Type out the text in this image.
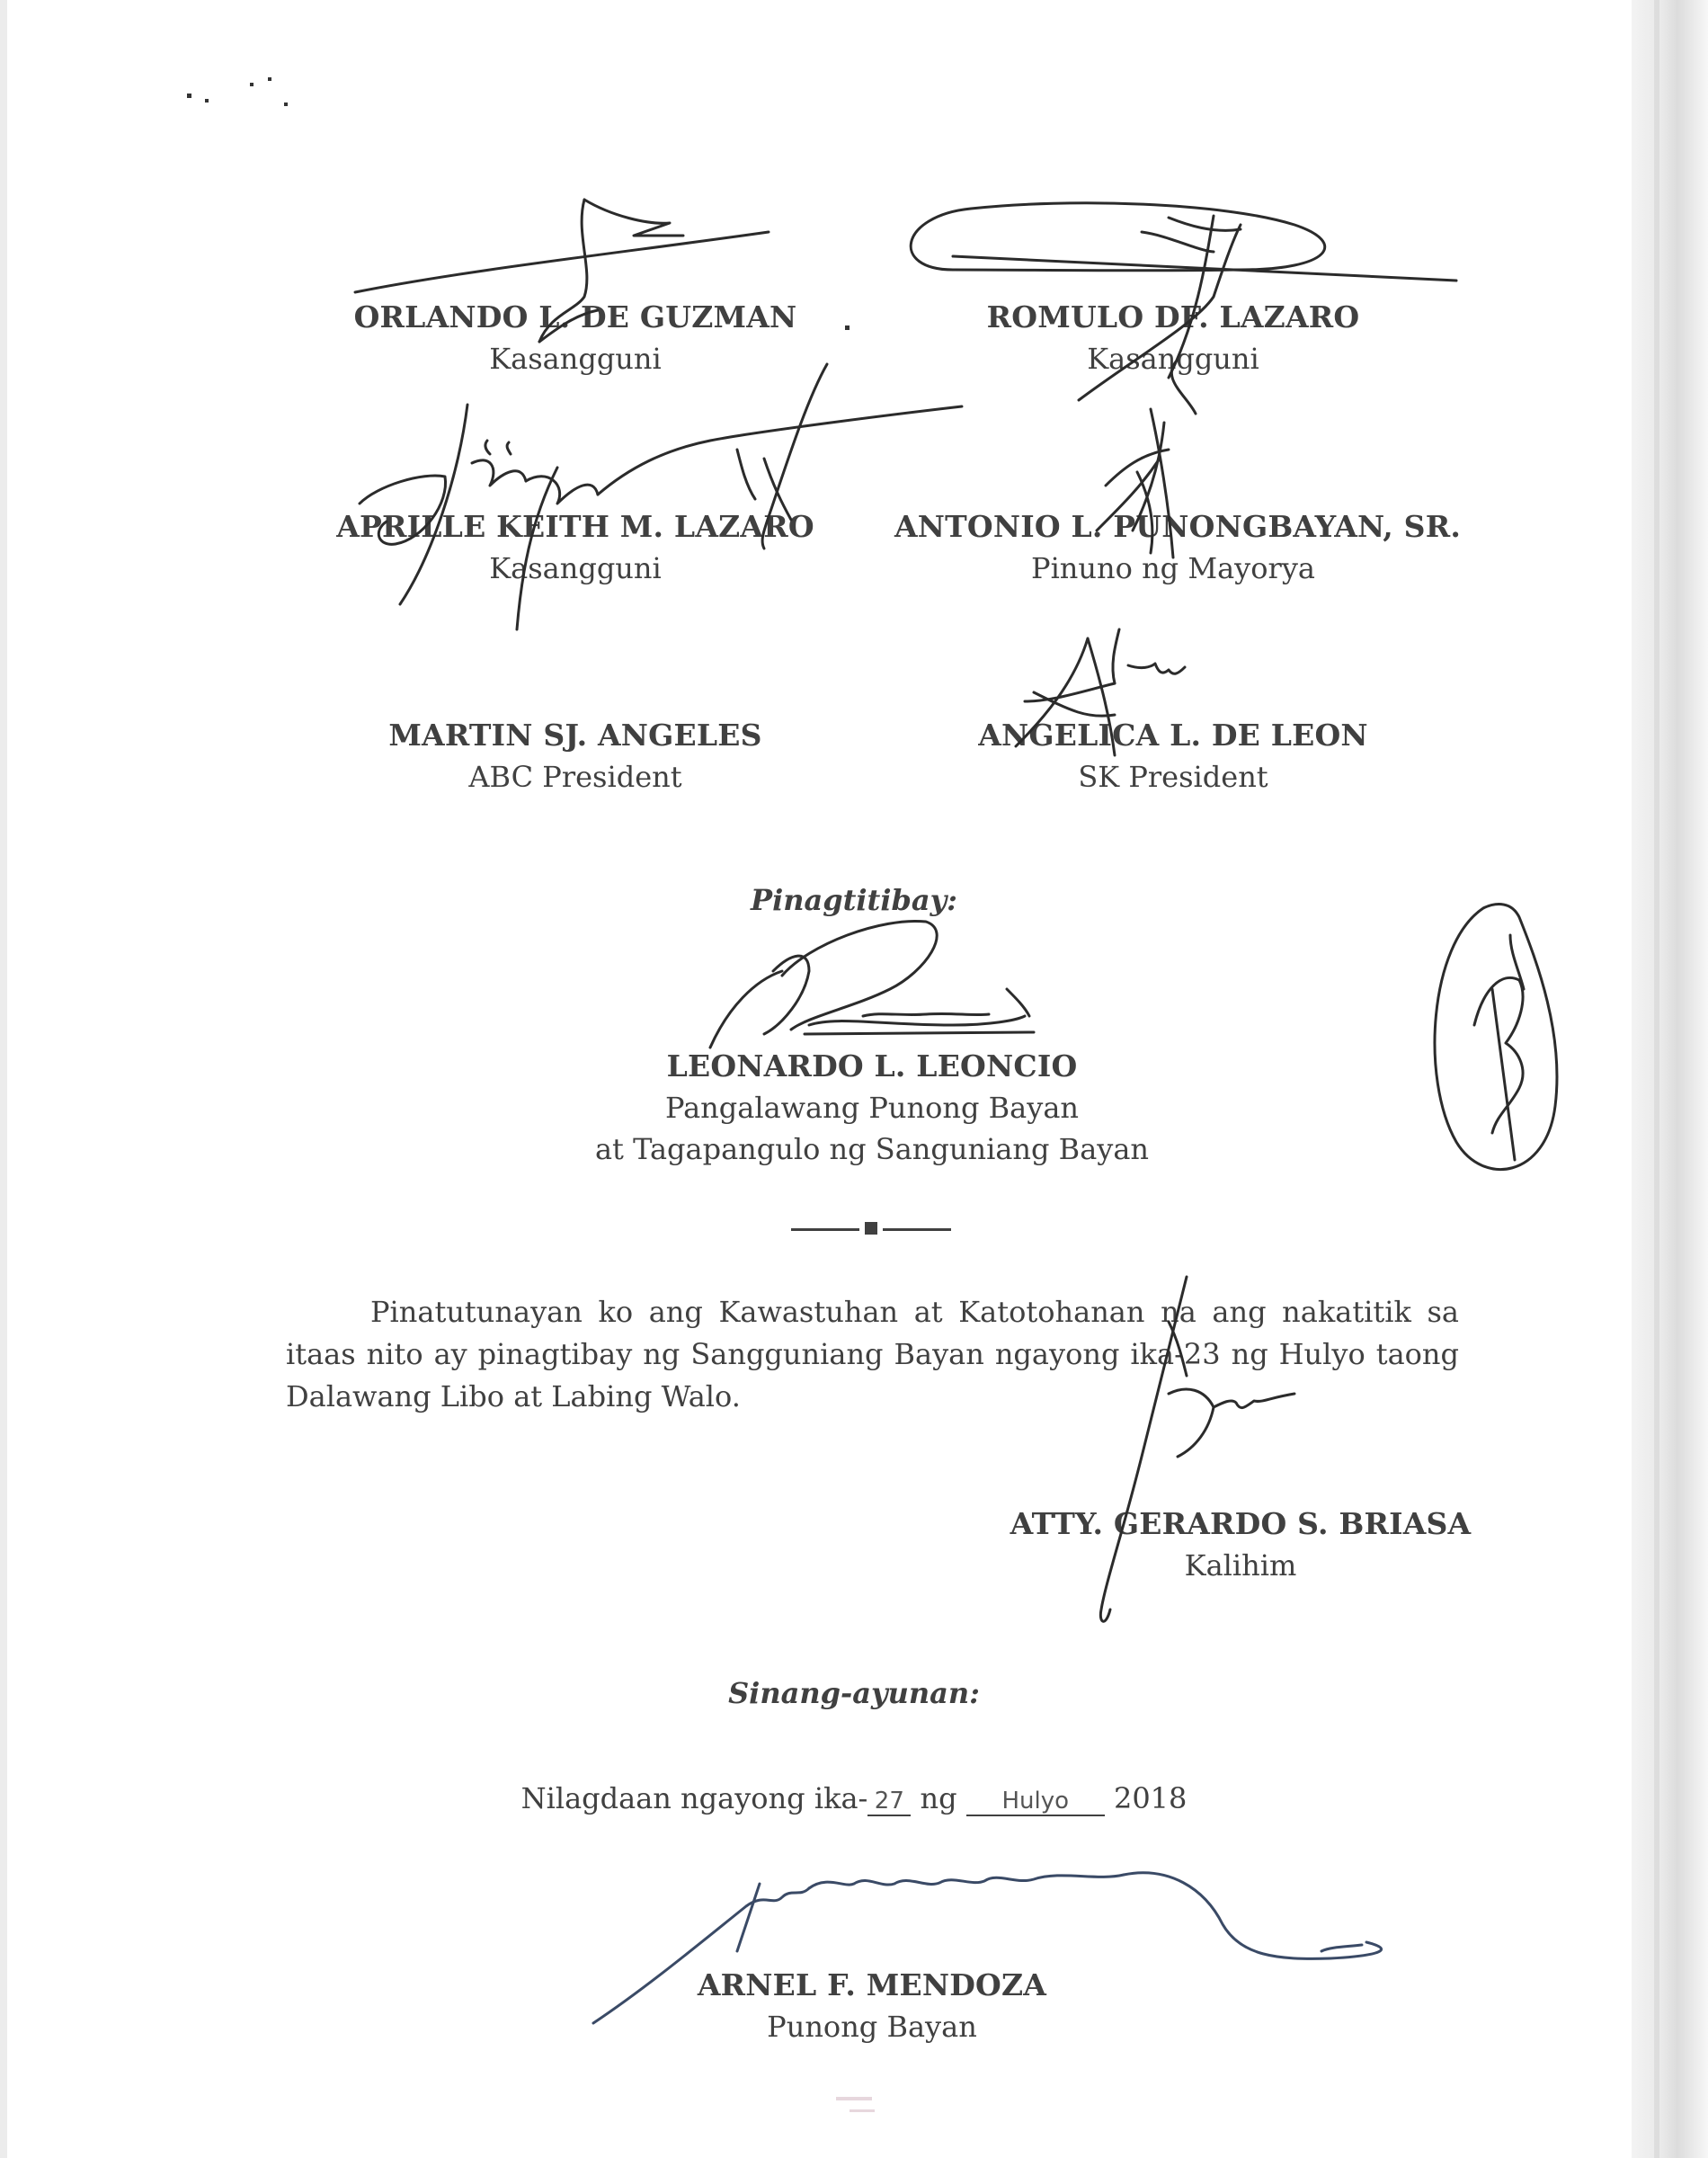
ORLANDO L. DE GUZMAN
Kasangguni
ROMULO DF. LAZARO
Kasangguni
APRILLE KEITH M. LAZARO
Kasangguni
ANTONIO L. PUNONGBAYAN, SR.
Pinuno ng Mayorya
MARTIN SJ. ANGELES
ABC President
ANGELICA L. DE LEON
SK President
Pinagtitibay:
LEONARDO L. LEONCIO
Pangalawang Punong Bayan
at Tagapangulo ng Sanguniang Bayan
Pinatutunayan ko ang Kawastuhan at Katotohanan na ang nakatitik sa itaas nito ay pinagtibay ng Sangguniang Bayan ngayong ika-23 ng Hulyo taong Dalawang Libo at Labing Walo.
ATTY. GERARDO S. BRIASA
Kalihim
Sinang-ayunan:
Nilagdaan ngayong ika- 27 ng Hulyo 2018
ARNEL F. MENDOZA
Punong Bayan
